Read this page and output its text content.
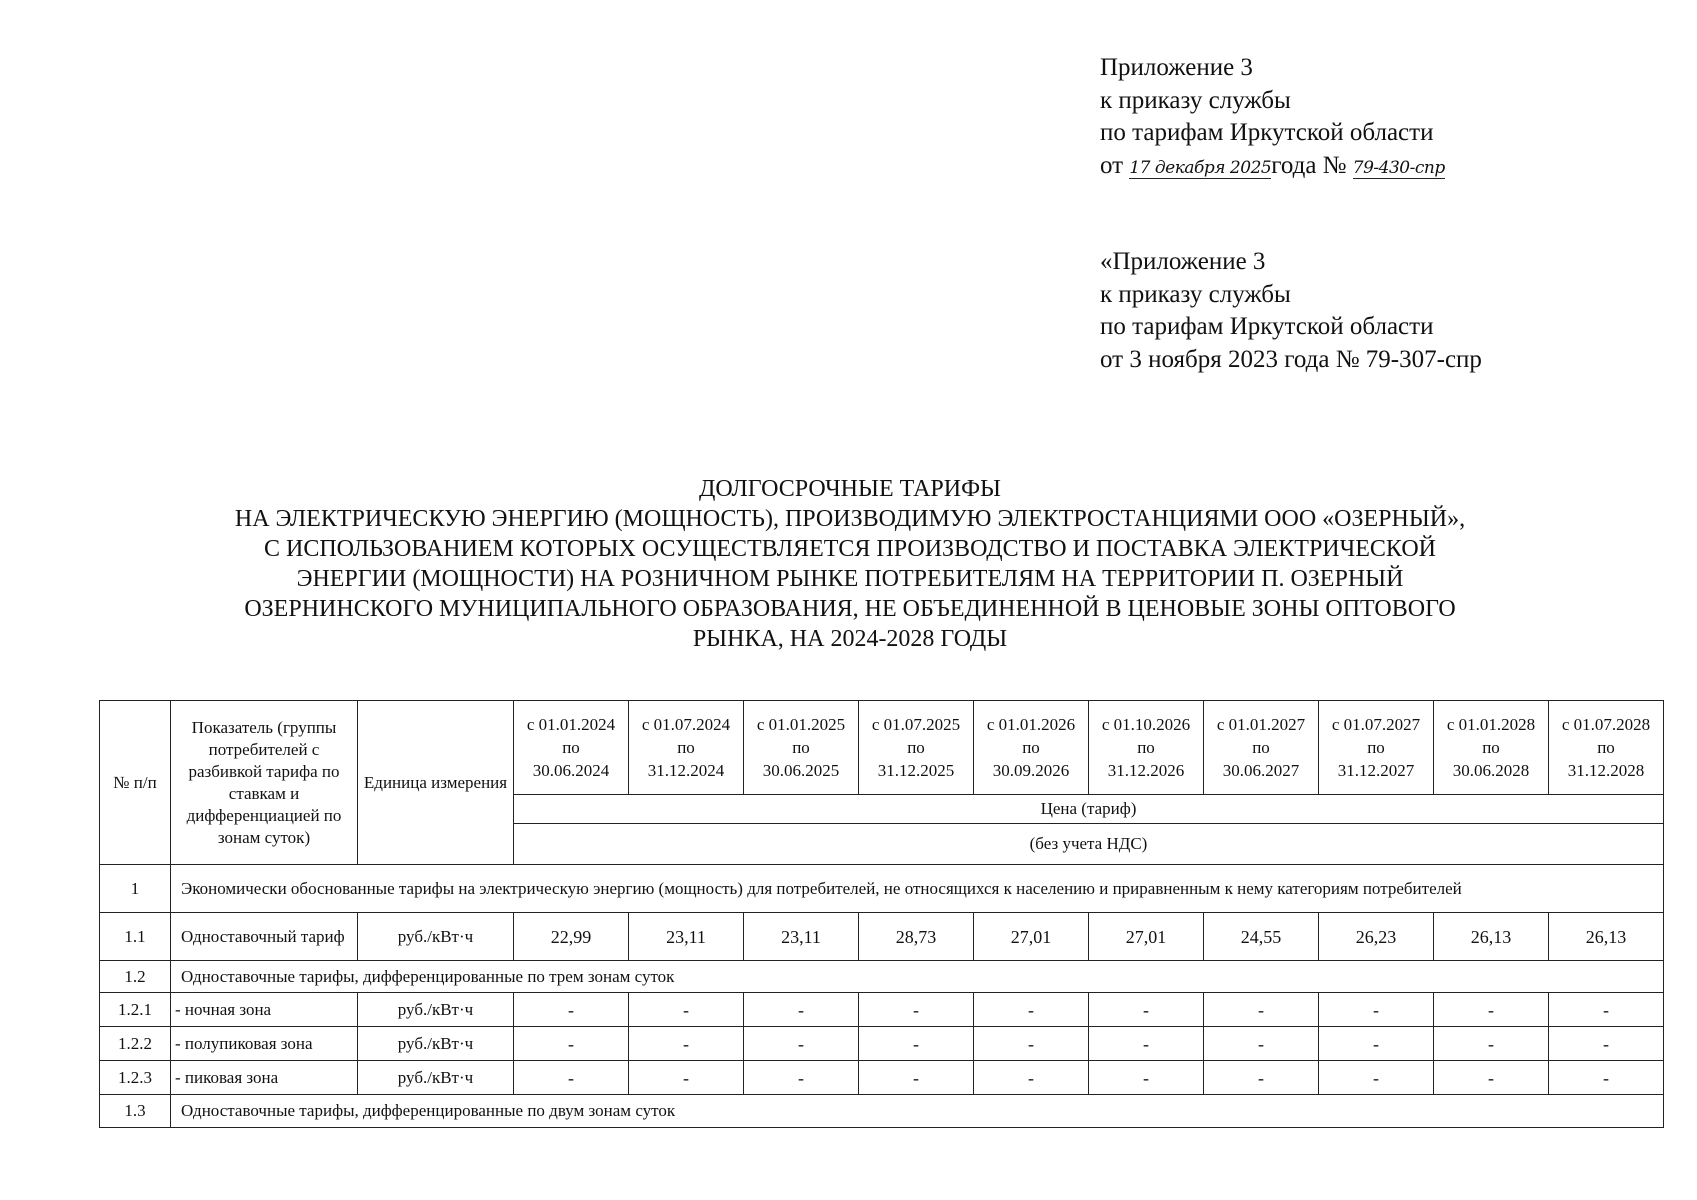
Приложение 3
к приказу службы
по тарифам Иркутской области
от 17 декабря 2025года № 79-430-спр
«Приложение 3
к приказу службы
по тарифам Иркутской области
от 3 ноября 2023 года № 79-307-спр
ДОЛГОСРОЧНЫЕ ТАРИФЫ
НА ЭЛЕКТРИЧЕСКУЮ ЭНЕРГИЮ (МОЩНОСТЬ), ПРОИЗВОДИМУЮ ЭЛЕКТРОСТАНЦИЯМИ ООО «ОЗЕРНЫЙ»,
С ИСПОЛЬЗОВАНИЕМ КОТОРЫХ ОСУЩЕСТВЛЯЕТСЯ ПРОИЗВОДСТВО И ПОСТАВКА ЭЛЕКТРИЧЕСКОЙ
ЭНЕРГИИ (МОЩНОСТИ) НА РОЗНИЧНОМ РЫНКЕ ПОТРЕБИТЕЛЯМ НА ТЕРРИТОРИИ П. ОЗЕРНЫЙ
ОЗЕРНИНСКОГО МУНИЦИПАЛЬНОГО ОБРАЗОВАНИЯ, НЕ ОБЪЕДИНЕННОЙ В ЦЕНОВЫЕ ЗОНЫ ОПТОВОГО
РЫНКА, НА 2024-2028 ГОДЫ
№ п/п	Показатель (группы потребителей с разбивкой тарифа по ставкам и дифференциацией по зонам суток)	Единица измерения	с 01.01.2024
по
30.06.2024	с 01.07.2024
по
31.12.2024	с 01.01.2025
по
30.06.2025	с 01.07.2025
по
31.12.2025	с 01.01.2026
по
30.09.2026	с 01.10.2026
по
31.12.2026	с 01.01.2027
по
30.06.2027	с 01.07.2027
по
31.12.2027	с 01.01.2028
по
30.06.2028	с 01.07.2028
по
31.12.2028
			Цена (тариф)									
			(без учета НДС)									
1	Экономически обоснованные тарифы на электрическую энергию (мощность) для потребителей, не относящихся к населению и приравненным к нему категориям потребителей											
1.1	Одноставочный тариф	руб./кВт·ч	22,99	23,11	23,11	28,73	27,01	27,01	24,55	26,23	26,13	26,13
1.2	Одноставочные тарифы, дифференцированные по трем зонам суток											
1.2.1	- ночная зона	руб./кВт·ч	-	-	-	-	-	-	-	-	-	-
1.2.2	- полупиковая зона	руб./кВт·ч	-	-	-	-	-	-	-	-	-	-
1.2.3	- пиковая зона	руб./кВт·ч	-	-	-	-	-	-	-	-	-	-
1.3	Одноставочные тарифы, дифференцированные по двум зонам суток											
